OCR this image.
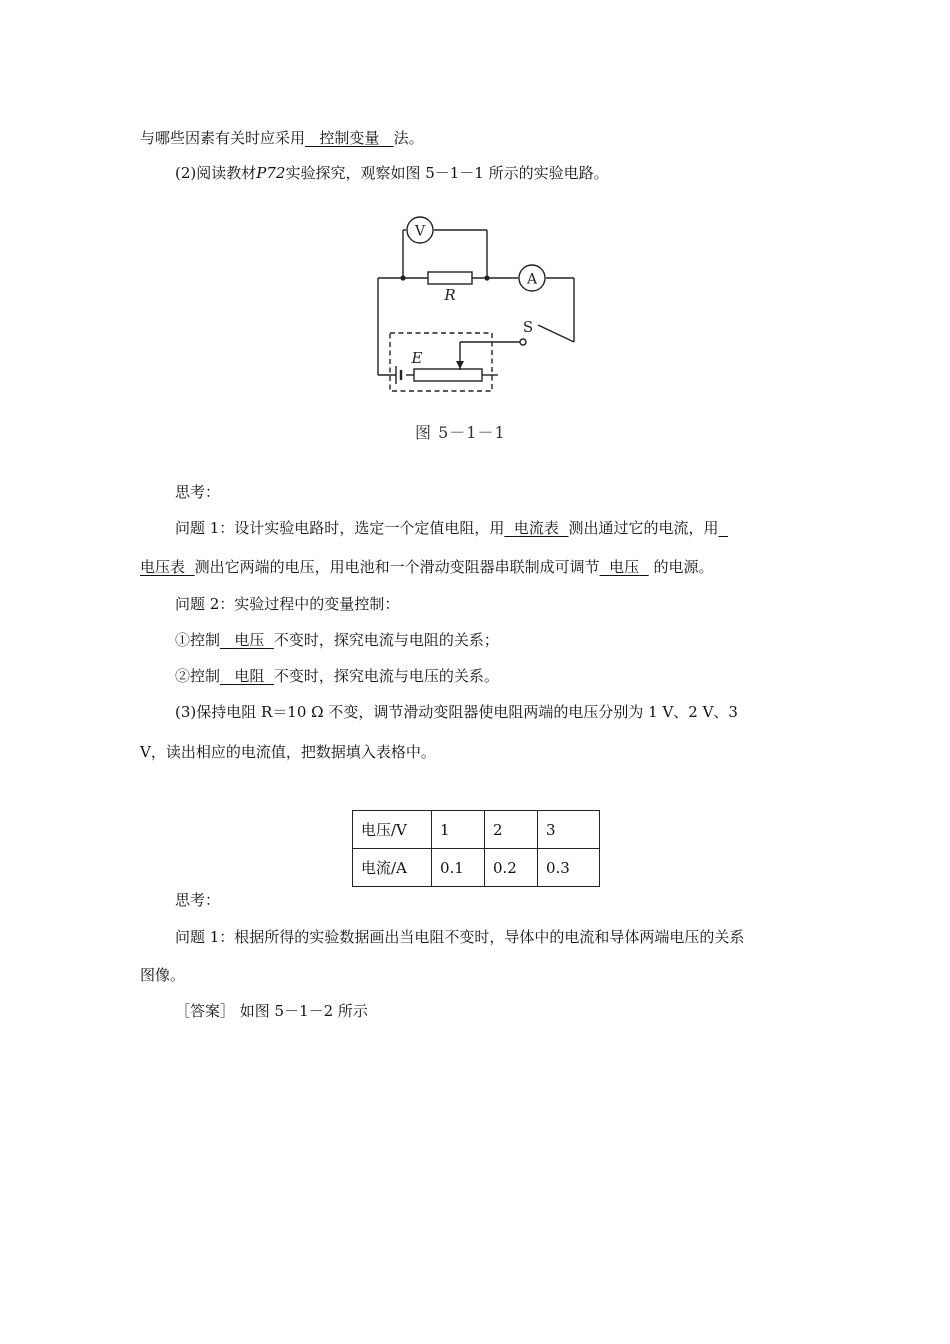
与哪些因素有关时应采用 控制变量 法。
(2)阅读教材P72实验探究，观察如图 5－1－1 所示的实验电路。
V
A
R
S
E
图 5－1－1
思考：
问题 1：设计实验电路时，选定一个定值电阻，用 电流表 测出通过它的电流，用
电压表 测出它两端的电压，用电池和一个滑动变阻器串联制成可调节 电压 的电源。
问题 2：实验过程中的变量控制：
①控制 电压 不变时，探究电流与电阻的关系；
②控制 电阻 不变时，探究电流与电压的关系。
(3)保持电阻 R＝10 Ω 不变，调节滑动变阻器使电阻两端的电压分别为 1 V、2 V、3
V，读出相应的电流值，把数据填入表格中。
电压/V	1	2	3
电流/A	0.1	0.2	0.3
思考：
问题 1：根据所得的实验数据画出当电阻不变时，导体中的电流和导体两端电压的关系
图像。
［答案］ 如图 5－1－2 所示
